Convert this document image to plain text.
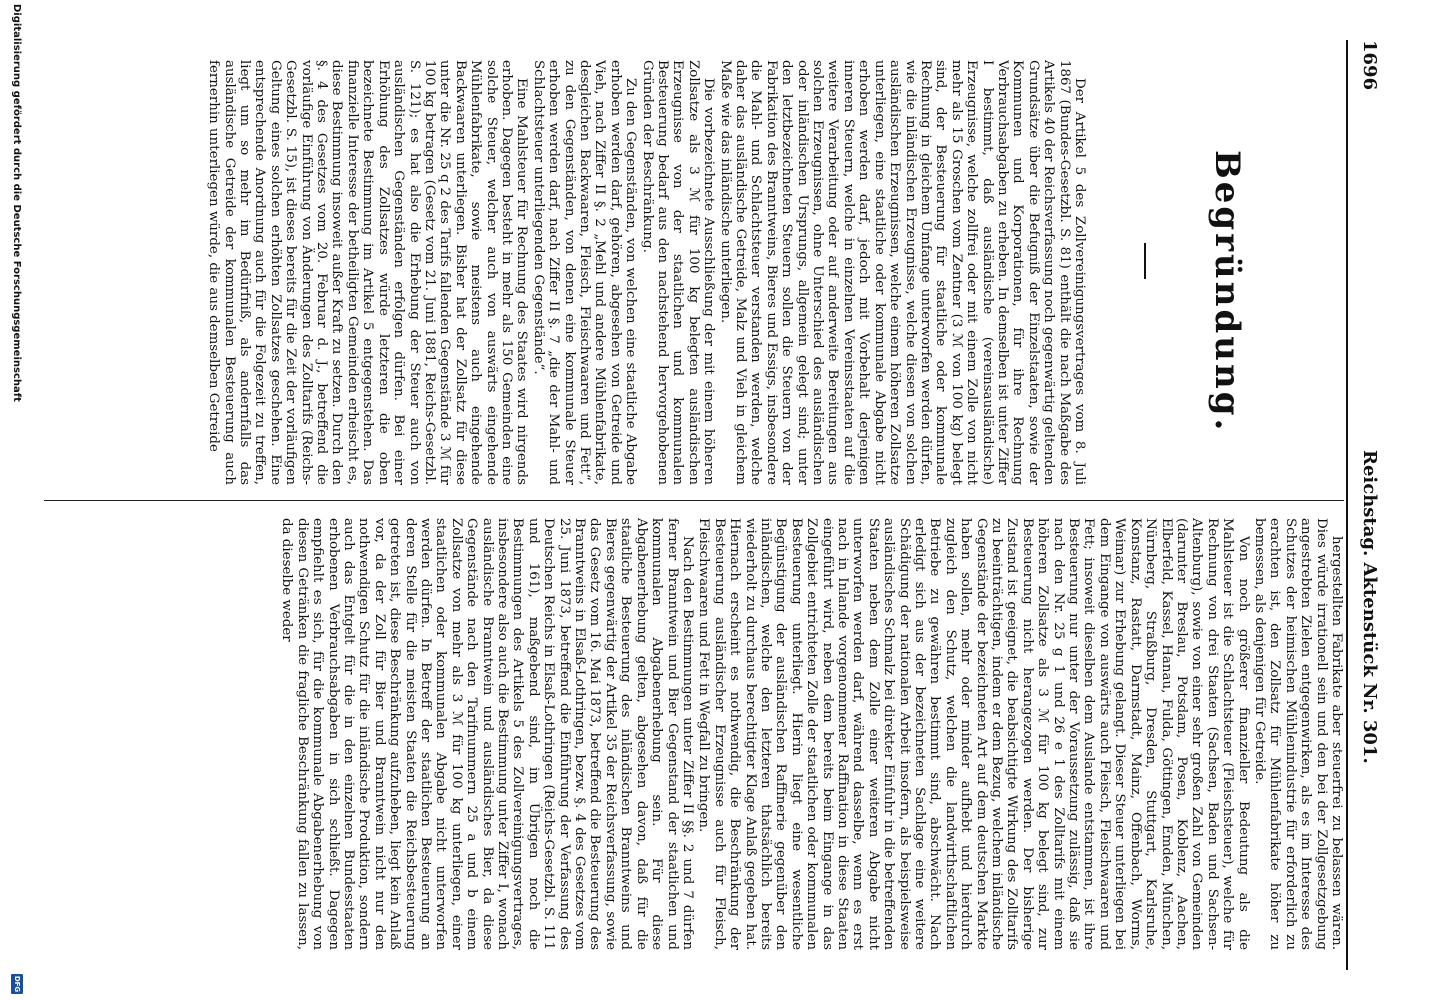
1696
Reichstag. Aktenstück Nr. 301.
Begründung.

Der Artikel 5 des Zollvereinigungsvertrages vom 8. Juli 1867 (Bundes-Gesetzbl. S. 81) enthält die nach Maßgabe des Artikels 40 der Reichsverfassung noch gegenwärtig geltenden Grundsätze über die Befugniß der Einzelstaaten, sowie der Kommunen und Korporationen, für ihre Rechnung Verbrauchsabgaben zu erheben. In demselben ist unter Ziffer I bestimmt, daß ausländische (vereinsausländische) Erzeugnisse, welche zollfrei oder mit einem Zolle von nicht mehr als 15 Groschen vom Zentner (3 ℳ von 100 kg) belegt sind, der Besteuerung für staatliche oder kommunale Rechnung in gleichem Umfange unterworfen werden dürfen, wie die inländischen Erzeugnisse, welche diesen von solchen ausländischen Erzeugnissen, welche einem höheren Zollsatze unterliegen, eine staatliche oder kommunale Abgabe nicht erhoben werden darf, jedoch mit Vorbehalt derjenigen inneren Steuern, welche in einzelnen Vereinsstaaten auf die weitere Verarbeitung oder auf anderweite Bereitungen aus solchen Erzeugnissen, ohne Unterschied des ausländischen oder inländischen Ursprungs, allgemein gelegt sind; unter den letztbezeichneten Steuern sollen die Steuern von der Fabrikation des Branntweins, Bieres und Essigs, insbesondere die Mahl- und Schlachtsteuer verstanden werden, welche daher das ausländische Getreide, Malz und Vieh in gleichem Maße wie das inländische unterliegen.

Die vorbezeichnete Ausschließung der mit einem höheren Zollsatze als 3 ℳ für 100 kg belegten ausländischen Erzeugnisse von der staatlichen und kommunalen Besteuerung bedarf aus den nachstehend hervorgehobenen Gründen der Beschränkung.

Zu den Gegenständen, von welchen eine staatliche Abgabe erhoben werden darf, gehören, abgesehen von Getreide und Vieh, nach Ziffer II §. 2 „Mehl und andere Mühlenfabrikate, desgleichen Backwaaren, Fleisch, Fleischwaaren und Fett“, zu den Gegenständen, von denen eine kommunale Steuer erhoben werden darf, nach Ziffer II §. 7 „die der Mahl- und Schlachtsteuer unterliegenden Gegenstände“.

Eine Mahlsteuer für Rechnung des Staates wird nirgends erhoben. Dagegen besteht in mehr als 150 Gemeinden eine solche Steuer, welcher auch von auswärts eingehende Mühlenfabrikate, sowie meistens auch eingehende Backwaaren unterliegen. Bisher hat der Zollsatz für diese unter die Nr. 25 q 2 des Tarifs fallenden Gegenstände 3 ℳ für 100 kg betragen (Gesetz vom 21. Juni 1881, Reichs-Gesetzbl. S. 121); es hat also die Erhebung der Steuer auch von ausländischen Gegenständen erfolgen dürfen. Bei einer Erhöhung des Zollsatzes würde letzteren die oben bezeichnete Bestimmung im Artikel 5 entgegenstehen. Das finanzielle Interesse der betheiligten Gemeinden erheischt es, diese Bestimmung insoweit außer Kraft zu setzen. Durch den §. 4 des Gesetzes vom 20. Februar d. J., betreffend die vorläufige Einführung von Änderungen des Zolltarifs (Reichs-Gesetzbl. S. 15), ist dieses bereits für die Zeit der vorläufigen Geltung eines solchen erhöhten Zollsatzes geschehen. Eine entsprechende Anordnung auch für die Folgezeit zu treffen, liegt um so mehr im Bedürfniß, als andernfalls das ausländische Getreide der kommunalen Besteuerung auch fernerhin unterliegen würde, die aus demselben Getreide

hergestellten Fabrikate aber steuerfrei zu belassen wären. Dies würde irrationell sein und den bei der Zollgesetzgebung angestrebten Zielen entgegenwirken, als es im Interesse des Schutzes der heimischen Mühlenindustrie für erforderlich zu erachten ist, den Zollsatz für Mühlenfabrikate höher zu bemessen, als denjenigen für Getreide.

Von noch größerer finanzieller Bedeutung als die Mahlsteuer ist die Schlachtsteuer (Fleischsteuer), welche für Rechnung von drei Staaten (Sachsen, Baden und Sachsen-Altenburg), sowie von einer sehr großen Zahl von Gemeinden (darunter Breslau, Potsdam, Posen, Koblenz, Aachen, Elberfeld, Kassel, Hanau, Fulda, Göttingen, Emden, München, Nürnberg, Straßburg, Dresden, Stuttgart, Karlsruhe, Konstanz, Rastatt, Darmstadt, Mainz, Offenbach, Worms, Weimar) zur Erhebung gelangt. Dieser Steuer unterliegen bei dem Eingange von auswärts auch Fleisch, Fleischwaaren und Fett; insoweit dieselben dem Auslande entstammen, ist ihre Besteuerung nur unter der Voraussetzung zulässig, daß sie nach den Nr. 25 g 1 und 26 e 1 des Zolltarifs mit einem höheren Zollsatze als 3 ℳ für 100 kg belegt sind, zur Besteuerung nicht herangezogen werden. Der bisherige Zustand ist geeignet, die beabsichtigte Wirkung des Zolltarifs zu beeinträchtigen, indem er dem Bezug, welchem inländische Gegenstände der bezeichneten Art auf dem deutschen Markte haben sollen, mehr oder minder aufhebt und hierdurch zugleich den Schutz, welchen die landwirthschaftlichen Betriebe zu gewähren bestimmt sind, abschwächt. Nach erledigt sich aus der bezeichneten Sachlage eine weitere Schädigung der nationalen Arbeit insofern, als beispielsweise ausländisches Schmalz bei direkter Einfuhr in die betreffenden Staaten neben dem Zolle einer weiteren Abgabe nicht unterworfen werden darf, während dasselbe, wenn es erst nach in Inlande vorgenommener Raffination in diese Staaten eingeführt wird, neben dem bereits beim Eingange in das Zollgebiet entrichteten Zolle der staatlichen oder kommunalen Besteuerung unterliegt. Hierin liegt eine wesentliche Begünstigung der ausländischen Raffinerie gegenüber den inländischen, welche den letzteren thatsächlich bereits wiederholt zu durchaus berechtigter Klage Anlaß gegeben hat. Hiernach erscheint es nothwendig, die Beschränkung der Besteuerung ausländischer Erzeugnisse auch für Fleisch, Fleischwaaren und Fett in Wegfall zu bringen.

Nach den Bestimmungen unter Ziffer II §§. 2 und 7 dürfen ferner Branntwein und Bier Gegenstand der staatlichen und kommunalen Abgabenerhebung sein. Für diese Abgabenerhebung gelten, abgesehen davon, daß für die staatliche Besteuerung des inländischen Branntweins und Bieres gegenwärtig der Artikel 35 der Reichsverfassung, sowie das Gesetz vom 16. Mai 1873, betreffend die Besteuerung des Branntweins in Elsaß-Lothringen, bezw. §. 4 des Gesetzes vom 25. Juni 1873, betreffend die Einführung der Verfassung des Deutschen Reichs in Elsaß-Lothringen (Reichs-Gesetzbl. S. 111 und 161), maßgebend sind, im Übrigen noch die Bestimmungen des Artikels 5 des Zollvereinigungsvertrages, insbesondere also auch die Bestimmung unter Ziffer I, wonach ausländische Branntwein und ausländisches Bier, da diese Gegenstände nach den Tarifnummern 25 a und b einem Zollsatze von mehr als 3 ℳ für 100 kg unterliegen, einer staatlichen oder kommunalen Abgabe nicht unterworfen werden dürfen. In Betreff der staatlichen Besteuerung an deren Stelle für die meisten Staaten die Reichsbesteuerung getreten ist, diese Beschränkung aufzuheben, liegt kein Anlaß vor, da der Zoll für Bier und Branntwein nicht nur den nothwendigen Schutz für die inländische Produktion, sondern auch das Entgelt für die in den einzelnen Bundesstaaten erhobenen Verbrauchsabgaben in sich schließt. Dagegen empfiehlt es sich, für die kommunale Abgabenerhebung von diesen Getränken die fragliche Beschränkung fallen zu lassen, da dieselbe weder

Digitalisierung gefördert durch die Deutsche Forschungsgemeinschaft
DFG
